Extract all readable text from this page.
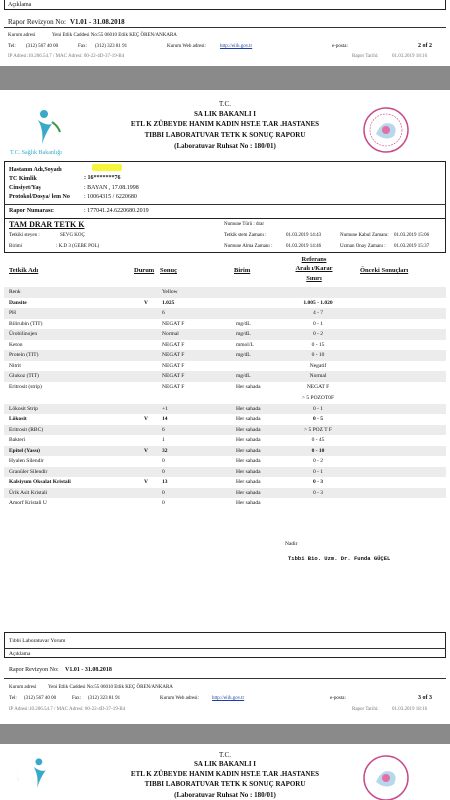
Açıklama
Rapor Revizyon No: V1.01 - 31.08.2018
Kurum adresi	Yeni Etlik Caddesi No:55 06010 Etlik KEÇ ÖREN/ANKARA
Tel: (312) 567 40 00	Fax: (312) 323 81 91	Kurum Web adresi:	http://eiih.gov.tr	e-posta:	2 of 2
IP Adresi:10.206.54.7 / MAC Adresi: 00-22-4D-37-19-B4	Rapor Tarihi:	01.03.2019 18:16
T.C. Sağlık Bakanlığı
T.C.
SA LIK BAKANLI I
ETL K ZÜBEYDE HANIM KADIN HST.E T.AR .HASTANES
TIBBI LABORATUVAR TETK K SONUÇ RAPORU
(Laboratuvar Ruhsat No : 180/01)
Hastanın Adı,Soyadı
TC Kimlik	: 16*******76
Cinsiyet/Yaş	: BAYAN , 17.08.1998
Protokol/Dosya/ lem No : 10064315 / 6220680
Rapor Numarası:	: 177041.24.6220680.2019
TAM DRAR TETK K	Numune Türü : drar
Tetkiki steyen :	SEVG KOÇ
Birimi	: K.D 3 (GEBE POL)
Tetkik stem Zamanı :	01.03.2019 14:43	Numune Kabul Zamanı: 01.03.2019 15:06
Numune Alma Zamanı :	01.03.2019 14:46	Uzman Onay Zamanı : 01.03.2019 15:37
Tetkik Adı	Durum Sonuç	Birim
Referans
Aralı ı/Karar
Sınırı
Önceki Sonuçları
Renk	Yellow
Dansite	V	1.025	1.005 - 1.020
PH	6	4 - 7
Bilirubin (TIT)	NEGAT F	mg/dL	0 - 1
Ürobilinojen	Normal	mg/dL	0 - 2
Keton	NEGAT F	mmol/L	0 - 15
Protein (TIT)	NEGAT F	mg/dL	0 - 10
Nitrit	NEGAT F	Negatif
Glukoz (TIT)	NEGAT F	mg/dL	Normal
Eritrosit (strip)	NEGAT F	Her sahada	NEGAT F
> 5 POZOT0F
Lökosit Strip	+1	Her sahada	0 - 1
Lökosit	V	14	Her sahada	0 - 5
Eritrosit (RBC)	6	Her sahada	> 5 POZ T F
Bakteri	1	Her sahada	0 - 45
Epitel (Yassı)	V	32	Her sahada	0 - 10
Hyalen Silendir	0	Her sahada	0 - 2
Granüler Silendir	0	Her sahada	0 - 1
Kalsiyum Oksalat Kristali	V	13	Her sahada	0 - 3
Ürik Asit Kristali	0	Her sahada	0 - 3
Amorf Kristali U	0	Her sahada
Nadir
Tıbbi Bio. Uzm. Dr. Funda GÜÇEL
Tıbbi Laboratuvar Yorum
Açıklama
Rapor Revizyon No: V1.01 - 31.08.2018
Kurum adresi Yeni Etlik Caddesi No:55 06010 Etlik KEÇ ÖREN/ANKARA
Tel: (312) 567 40 00	Fax: (312) 323 81 91	Kurum Web adresi:	http://eiih.gov.tr	e-posta:	3 of 3
IP Adresi:10.206.54.7 / MAC Adresi: 00-22-4D-37-19-B4	Rapor Tarihi:	01.03.2019 18:16
T.C.
SA LIK BAKANLI I
ETL K ZÜBEYDE HANIM KADIN HST.E T.AR .HASTANES
TIBBI LABORATUVAR TETK K SONUÇ RAPORU
(Laboratuvar Ruhsat No : 180/01)
